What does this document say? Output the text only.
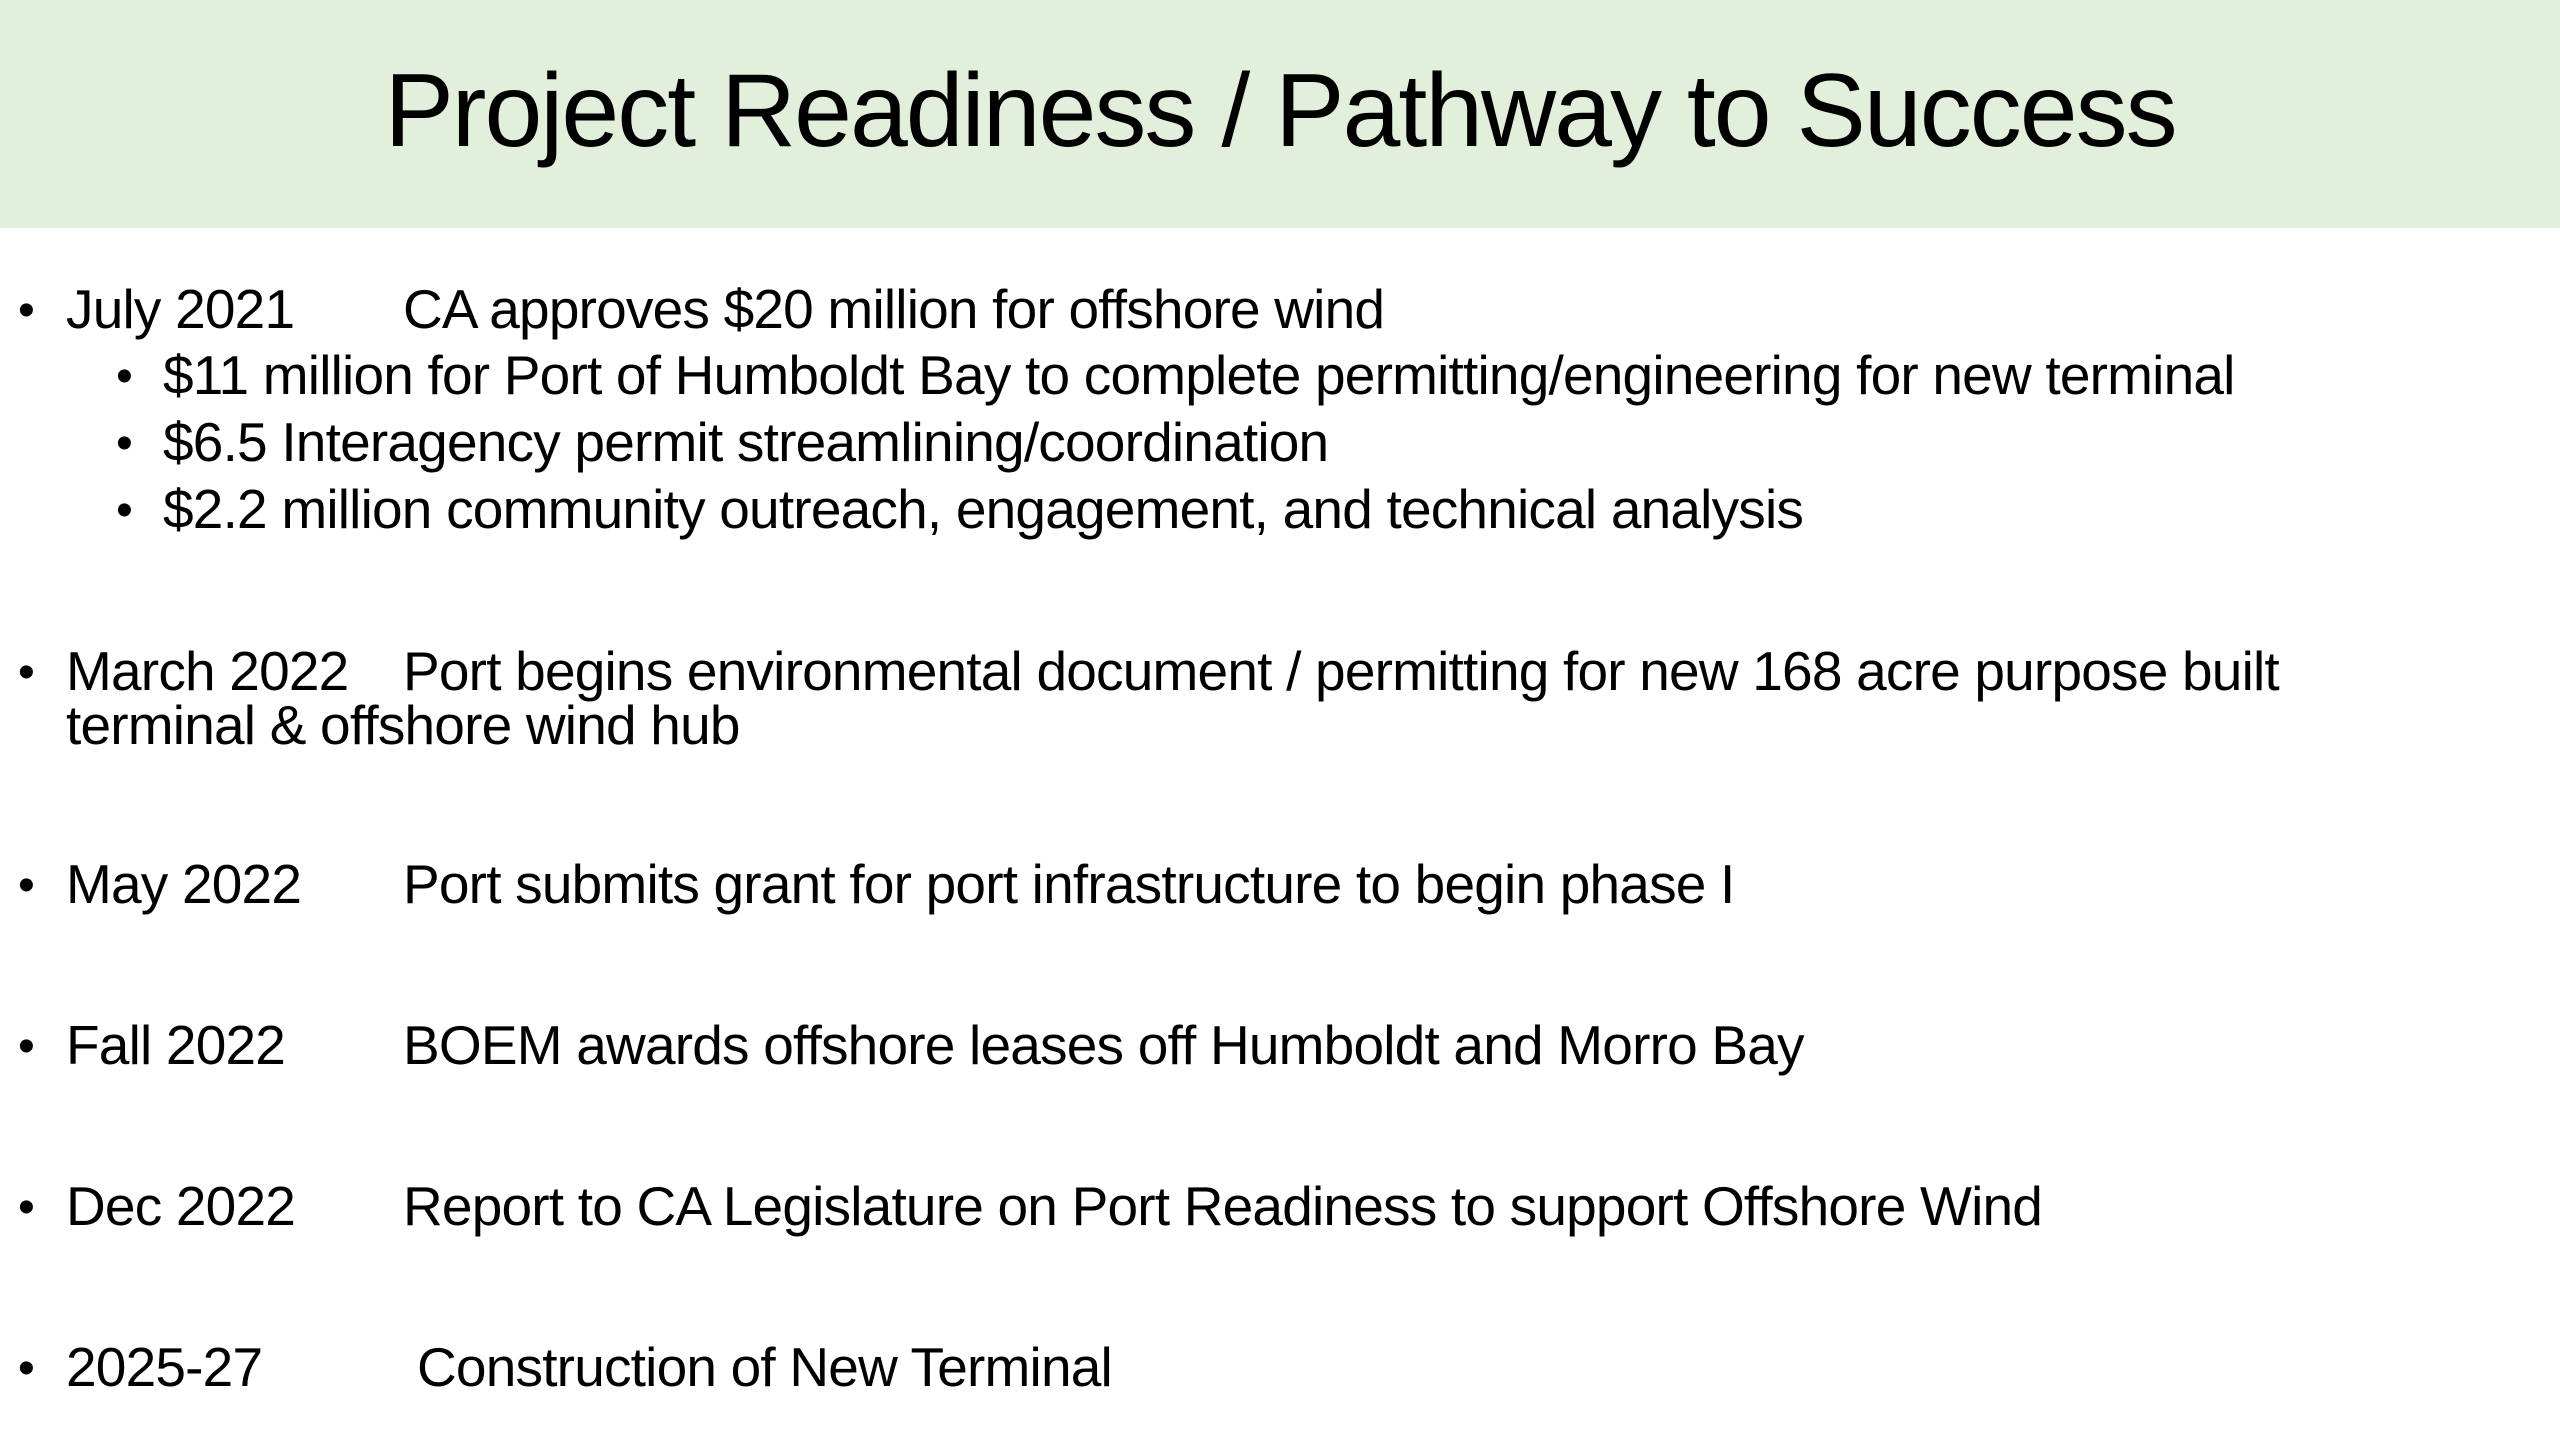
Project Readiness / Pathway to Success
• July 2021 CA approves $20 million for offshore wind
• $11 million for Port of Humboldt Bay to complete permitting/engineering for new terminal
• $6.5 Interagency permit streamlining/coordination
• $2.2 million community outreach, engagement, and technical analysis
• March 2022 Port begins environmental document / permitting for new 168 acre purpose built
terminal & offshore wind hub
• May 2022 Port submits grant for port infrastructure to begin phase I
• Fall 2022 BOEM awards offshore leases off Humboldt and Morro Bay
• Dec 2022 Report to CA Legislature on Port Readiness to support Offshore Wind
• 2025-27	Construction of New Terminal
